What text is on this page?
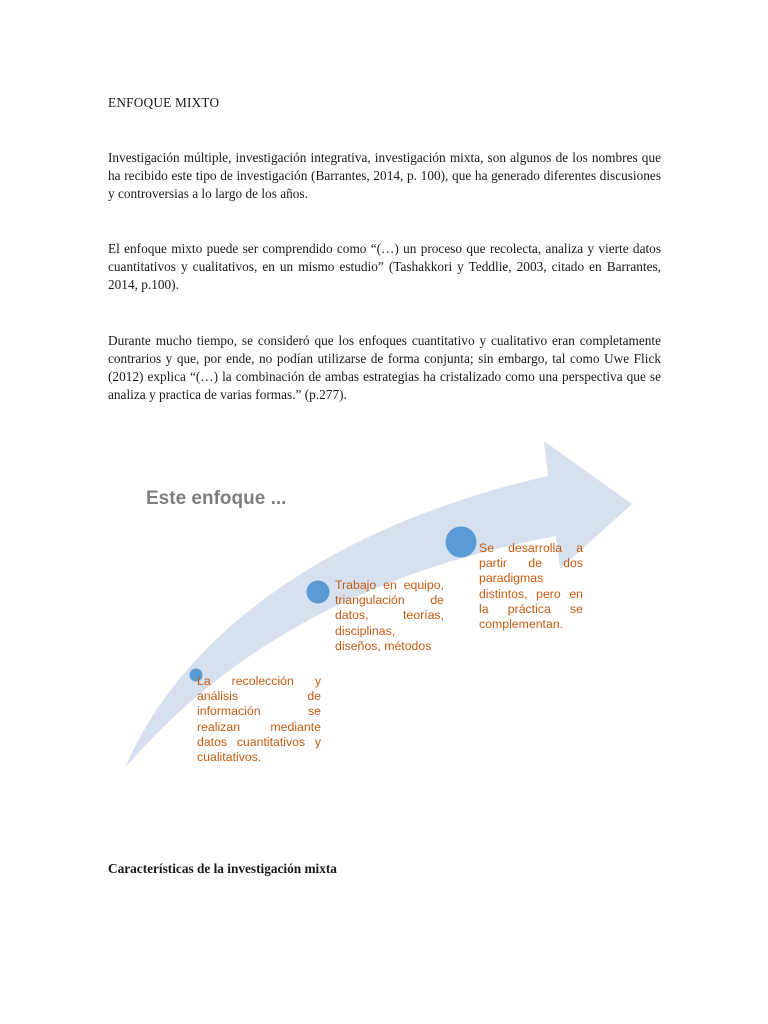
ENFOQUE MIXTO

Investigación múltiple, investigación integrativa, investigación mixta, son algunos de los nombres que ha recibido este tipo de investigación (Barrantes, 2014, p. 100), que ha generado diferentes discusiones y controversias a lo largo de los años.

El enfoque mixto puede ser comprendido como “(…) un proceso que recolecta, analiza y vierte datos cuantitativos y cualitativos, en un mismo estudio” (Tashakkori y Teddlie, 2003, citado en Barrantes, 2014, p.100).

Durante mucho tiempo, se consideró que los enfoques cuantitativo y cualitativo eran completamente contrarios y que, por ende, no podían utilizarse de forma conjunta; sin embargo, tal como Uwe Flick (2012) explica “(…) la combinación de ambas estrategias ha cristalizado como una perspectiva que se analiza y practica de varias formas.” (p.277).

Este enfoque ...

La recolección y análisis de información se realizan mediante datos cuantitativos y cualitativos.

Trabajo en equipo, triangulación de datos, teorías, disciplinas, diseños, métodos

Se desarrolla a partir de dos paradigmas distintos, pero en la práctica se complementan.

Características de la investigación mixta
